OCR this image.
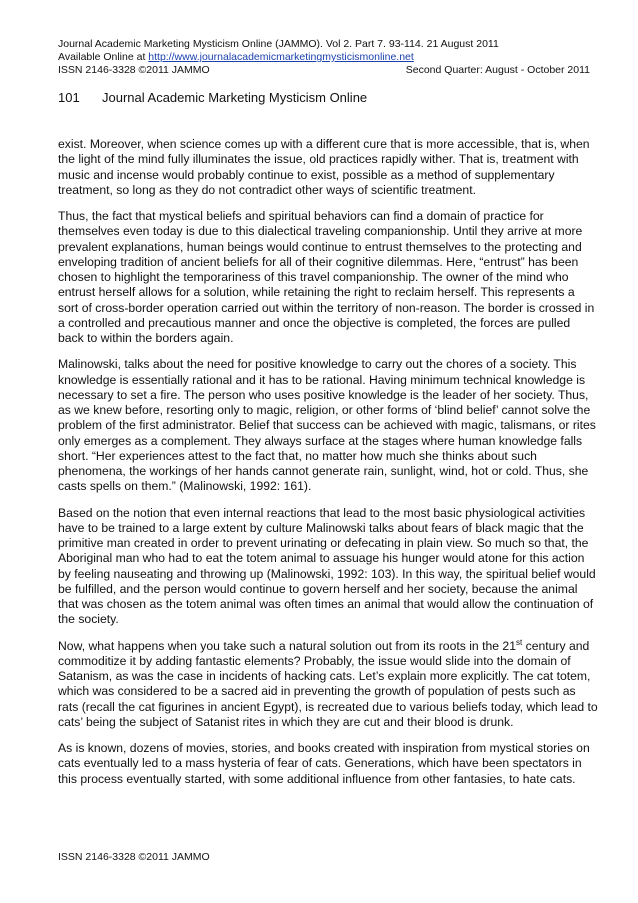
Journal Academic Marketing Mysticism Online (JAMMO). Vol 2. Part 7. 93-114. 21 August 2011
Available Online at http://www.journalacademicmarketingmysticismonline.net
ISSN 2146-3328 ©2011 JAMMO	Second Quarter: August - October 2011
101 Journal Academic Marketing Mysticism Online

exist. Moreover, when science comes up with a different cure that is more accessible, that is, when the light of the mind fully illuminates the issue, old practices rapidly wither. That is, treatment with music and incense would probably continue to exist, possible as a method of supplementary treatment, so long as they do not contradict other ways of scientific treatment.

Thus, the fact that mystical beliefs and spiritual behaviors can find a domain of practice for themselves even today is due to this dialectical traveling companionship. Until they arrive at more prevalent explanations, human beings would continue to entrust themselves to the protecting and enveloping tradition of ancient beliefs for all of their cognitive dilemmas. Here, “entrust” has been chosen to highlight the temporariness of this travel companionship. The owner of the mind who entrust herself allows for a solution, while retaining the right to reclaim herself. This represents a sort of cross-border operation carried out within the territory of non-reason. The border is crossed in a controlled and precautious manner and once the objective is completed, the forces are pulled back to within the borders again.

Malinowski, talks about the need for positive knowledge to carry out the chores of a society. This knowledge is essentially rational and it has to be rational. Having minimum technical knowledge is necessary to set a fire. The person who uses positive knowledge is the leader of her society. Thus, as we knew before, resorting only to magic, religion, or other forms of ‘blind belief’ cannot solve the problem of the first administrator. Belief that success can be achieved with magic, talismans, or rites only emerges as a complement. They always surface at the stages where human knowledge falls short. “Her experiences attest to the fact that, no matter how much she thinks about such phenomena, the workings of her hands cannot generate rain, sunlight, wind, hot or cold. Thus, she casts spells on them.” (Malinowski, 1992: 161).

Based on the notion that even internal reactions that lead to the most basic physiological activities have to be trained to a large extent by culture Malinowski talks about fears of black magic that the primitive man created in order to prevent urinating or defecating in plain view. So much so that, the Aboriginal man who had to eat the totem animal to assuage his hunger would atone for this action by feeling nauseating and throwing up (Malinowski, 1992: 103). In this way, the spiritual belief would be fulfilled, and the person would continue to govern herself and her society, because the animal that was chosen as the totem animal was often times an animal that would allow the continuation of the society.

Now, what happens when you take such a natural solution out from its roots in the 21st century and commoditize it by adding fantastic elements? Probably, the issue would slide into the domain of Satanism, as was the case in incidents of hacking cats. Let’s explain more explicitly. The cat totem, which was considered to be a sacred aid in preventing the growth of population of pests such as rats (recall the cat figurines in ancient Egypt), is recreated due to various beliefs today, which lead to cats’ being the subject of Satanist rites in which they are cut and their blood is drunk.

As is known, dozens of movies, stories, and books created with inspiration from mystical stories on cats eventually led to a mass hysteria of fear of cats. Generations, which have been spectators in this process eventually started, with some additional influence from other fantasies, to hate cats.

ISSN 2146-3328 ©2011 JAMMO
